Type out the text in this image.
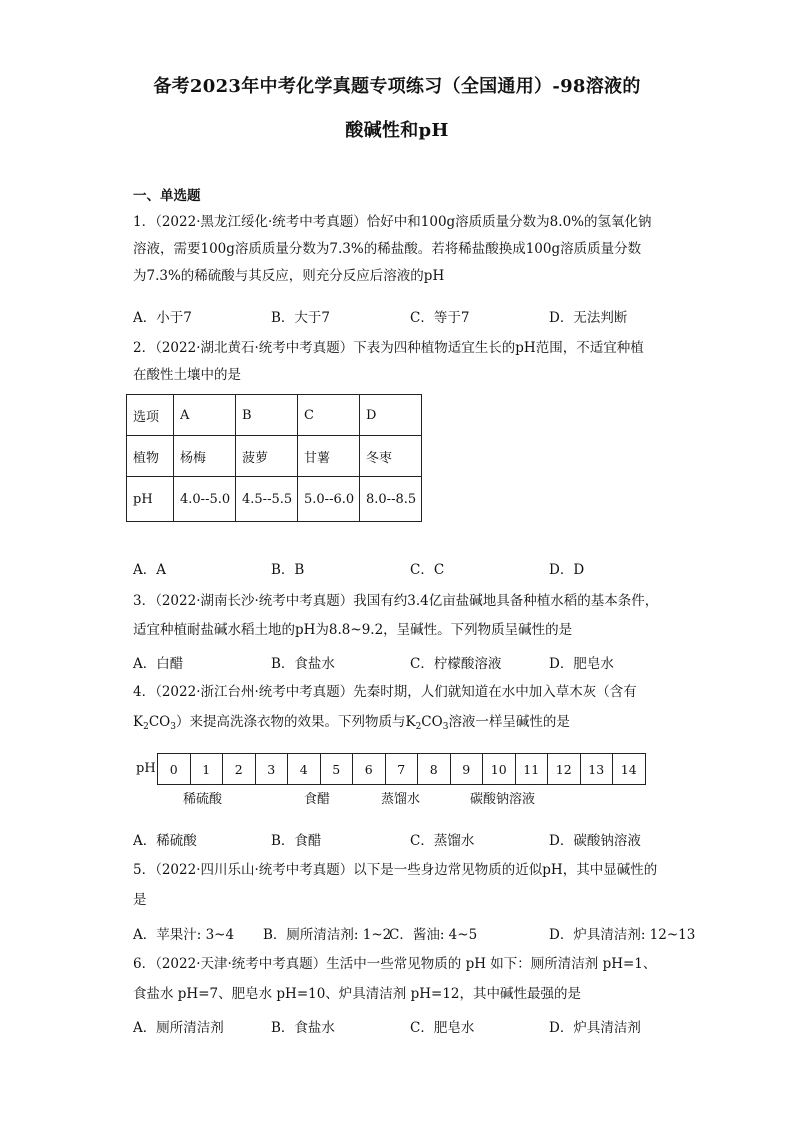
备考2023年中考化学真题专项练习（全国通用）-98溶液的
酸碱性和pH
一、单选题
1．（2022·黑龙江绥化·统考中考真题）恰好中和100g溶质质量分数为8.0%的氢氧化钠
溶液，需要100g溶质质量分数为7.3%的稀盐酸。若将稀盐酸换成100g溶质质量分数
为7.3%的稀硫酸与其反应，则充分反应后溶液的pH
A．小于7	B．大于7	C．等于7	D．无法判断
2．（2022·湖北黄石·统考中考真题）下表为四种植物适宜生长的pH范围，不适宜种植
在酸性土壤中的是
选项	A	B	C	D
植物	杨梅	菠萝	甘薯	冬枣
pH	4.0--5.0	4.5--5.5	5.0--6.0	8.0--8.5
A．A	B．B	C．C	D．D
3．（2022·湖南长沙·统考中考真题）我国有约3.4亿亩盐碱地具备种植水稻的基本条件，
适宜种植耐盐碱水稻土地的pH为8.8~9.2，呈碱性。下列物质呈碱性的是
A．白醋	B．食盐水	C．柠檬酸溶液	D．肥皂水
4．（2022·浙江台州·统考中考真题）先秦时期，人们就知道在水中加入草木灰（含有
$K_2CO_3$）来提高洗涤衣物的效果。下列物质与$K_2CO_3$溶液一样呈碱性的是
pH 0	1	2	3	4	5	6	7	8	9	10	11	12	13	14
稀硫酸	食醋	蒸馏水	碳酸钠溶液
A．稀硫酸	B．食醋	C．蒸馏水	D．碳酸钠溶液
5．（2022·四川乐山·统考中考真题）以下是一些身边常见物质的近似pH，其中显碱性的
是
A．苹果汁: 3~4 B．厕所清洁剂: 1~2
C．酱油: 4~5	D．炉具清洁剂: 12~13
6．（2022·天津·统考中考真题）生活中一些常见物质的 pH 如下：厕所清洁剂 pH=1、
食盐水 pH=7、肥皂水 pH=10、炉具清洁剂 pH=12，其中碱性最强的是
A．厕所清洁剂	B．食盐水	C．肥皂水	D．炉具清洁剂
